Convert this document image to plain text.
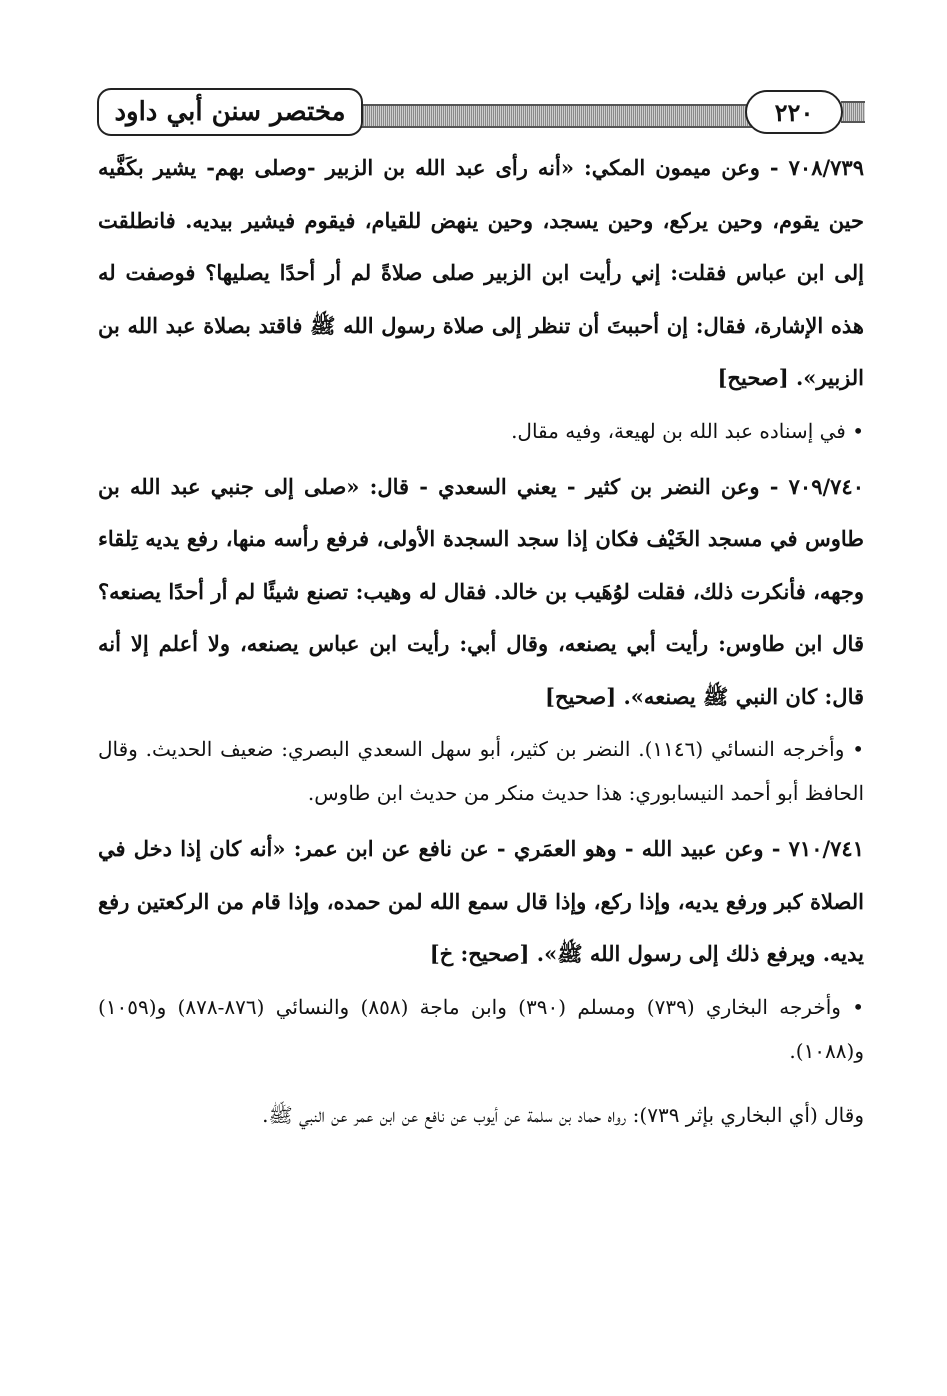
مختصر سنن أبي داود	٢٢٠

٧٠٨/٧٣٩ - وعن ميمون المكي: «أنه رأى عبد الله بن الزبير -وصلى بهم- يشير بكَفَّيه حين يقوم، وحين يركع، وحين يسجد، وحين ينهض للقيام، فيقوم فيشير بيديه. فانطلقت إلى ابن عباس فقلت: إني رأيت ابن الزبير صلى صلاةً لم أر أحدًا يصليها؟ فوصفت له هذه الإشارة، فقال: إن أحببتَ أن تنظر إلى صلاة رسول الله ﷺ فاقتد بصلاة عبد الله بن الزبير». [صحيح]

• في إسناده عبد الله بن لهيعة، وفيه مقال.

٧٠٩/٧٤٠ - وعن النضر بن كثير - يعني السعدي - قال: «صلى إلى جنبي عبد الله بن طاوس في مسجد الخَيْف فكان إذا سجد السجدة الأولى، فرفع رأسه منها، رفع يديه تِلقاء وجهه، فأنكرت ذلك، فقلت لوُهَيب بن خالد. فقال له وهيب: تصنع شيئًا لم أر أحدًا يصنعه؟ قال ابن طاوس: رأيت أبي يصنعه، وقال أبي: رأيت ابن عباس يصنعه، ولا أعلم إلا أنه قال: كان النبي ﷺ يصنعه». [صحيح]

• وأخرجه النسائي (١١٤٦). النضر بن كثير، أبو سهل السعدي البصري: ضعيف الحديث. وقال الحافظ أبو أحمد النيسابوري: هذا حديث منكر من حديث ابن طاوس.

٧١٠/٧٤١ - وعن عبيد الله - وهو العمَري - عن نافع عن ابن عمر: «أنه كان إذا دخل في الصلاة كبر ورفع يديه، وإذا ركع، وإذا قال سمع الله لمن حمده، وإذا قام من الركعتين رفع يديه. ويرفع ذلك إلى رسول الله ﷺ». [صحيح: خ]

• وأخرجه البخاري (٧٣٩) ومسلم (٣٩٠) وابن ماجة (٨٥٨) والنسائي (٨٧٦-٨٧٨) و(١٠٥٩) و(١٠٨٨).

وقال (أي البخاري بإثر ٧٣٩): رواه حماد بن سلمة عن أيوب عن نافع عن ابن عمر عن النبي ﷺ.
